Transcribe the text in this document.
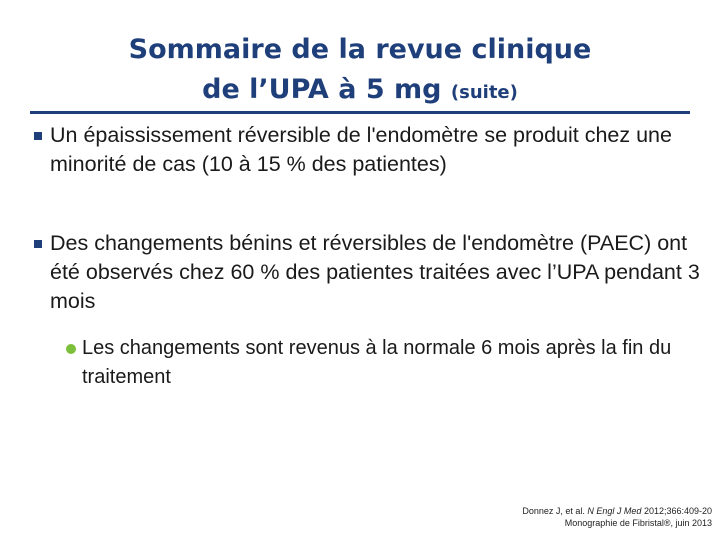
Sommaire de la revue clinique
de l’UPA à 5 mg (suite)
Un épaississement réversible de l'endomètre se produit chez une minorité de cas (10 à 15 % des patientes)
Des changements bénins et réversibles de l'endomètre (PAEC) ont été observés chez 60 % des patientes traitées avec l’UPA pendant 3 mois
Les changements sont revenus à la normale 6 mois après la fin du traitement
Donnez J, et al. N Engl J Med 2012;366:409-20
Monographie de Fibristal®, juin 2013
